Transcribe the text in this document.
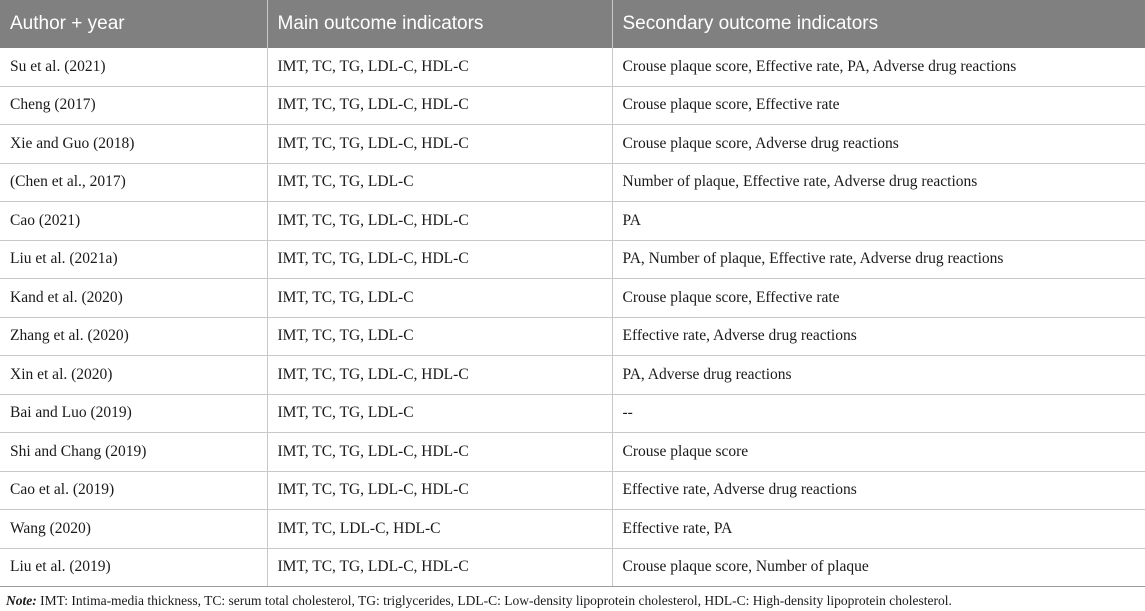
Author + year	Main outcome indicators	Secondary outcome indicators
Su et al. (2021)	IMT, TC, TG, LDL-C, HDL-C	Crouse plaque score, Effective rate, PA, Adverse drug reactions
Cheng (2017)	IMT, TC, TG, LDL-C, HDL-C	Crouse plaque score, Effective rate
Xie and Guo (2018)	IMT, TC, TG, LDL-C, HDL-C	Crouse plaque score, Adverse drug reactions
(Chen et al., 2017)	IMT, TC, TG, LDL-C	Number of plaque, Effective rate, Adverse drug reactions
Cao (2021)	IMT, TC, TG, LDL-C, HDL-C	PA
Liu et al. (2021a)	IMT, TC, TG, LDL-C, HDL-C	PA, Number of plaque, Effective rate, Adverse drug reactions
Kand et al. (2020)	IMT, TC, TG, LDL-C	Crouse plaque score, Effective rate
Zhang et al. (2020)	IMT, TC, TG, LDL-C	Effective rate, Adverse drug reactions
Xin et al. (2020)	IMT, TC, TG, LDL-C, HDL-C	PA, Adverse drug reactions
Bai and Luo (2019)	IMT, TC, TG, LDL-C	--
Shi and Chang (2019)	IMT, TC, TG, LDL-C, HDL-C	Crouse plaque score
Cao et al. (2019)	IMT, TC, TG, LDL-C, HDL-C	Effective rate, Adverse drug reactions
Wang (2020)	IMT, TC, LDL-C, HDL-C	Effective rate, PA
Liu et al. (2019)	IMT, TC, TG, LDL-C, HDL-C	Crouse plaque score, Number of plaque
Note: IMT: Intima-media thickness, TC: serum total cholesterol, TG: triglycerides, LDL-C: Low-density lipoprotein cholesterol, HDL-C: High-density lipoprotein cholesterol.
